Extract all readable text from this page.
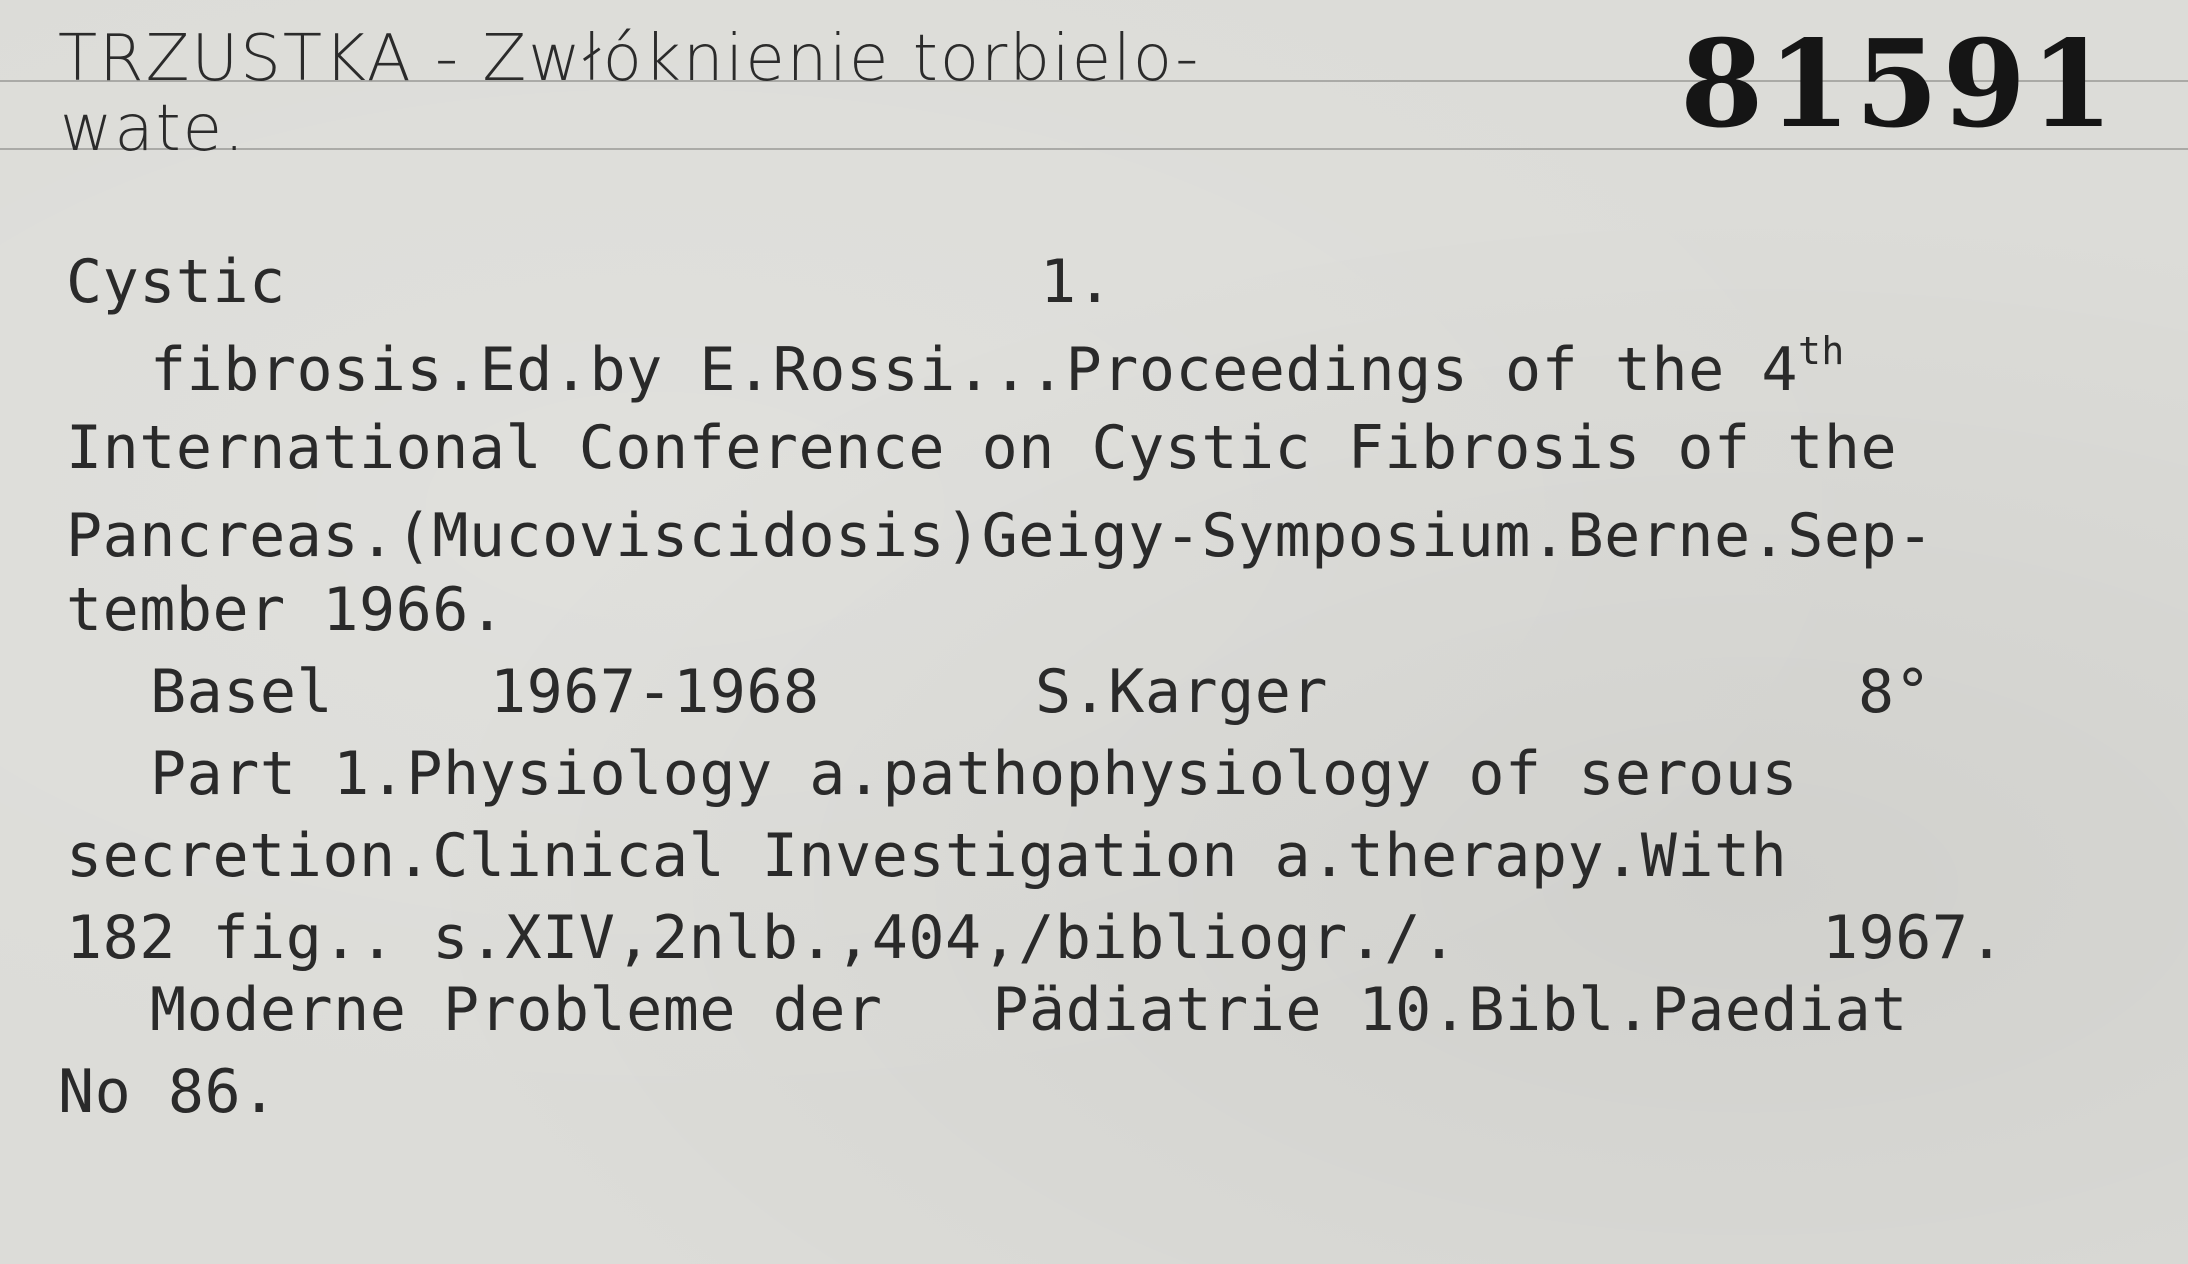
TRZUSTKA - Zwłóknienie torbielo-
wate.	81591
Cystic	1.
fibrosis.Ed.by E.Rossi...Proceedings of the 4th
International Conference on Cystic Fibrosis of the
Pancreas.(Mucoviscidosis)Geigy-Symposium.Berne.Sep-
tember 1966.
Basel	1967-1968	S.Karger	8°
Part 1.Physiology a.pathophysiology of serous
secretion.Clinical Investigation a.therapy.With
182 fig.. s.XIV,2nlb.,404,/bibliogr./.	1967.
Moderne Probleme der   Pädiatrie 10.Bibl.Paediat
No 86.
